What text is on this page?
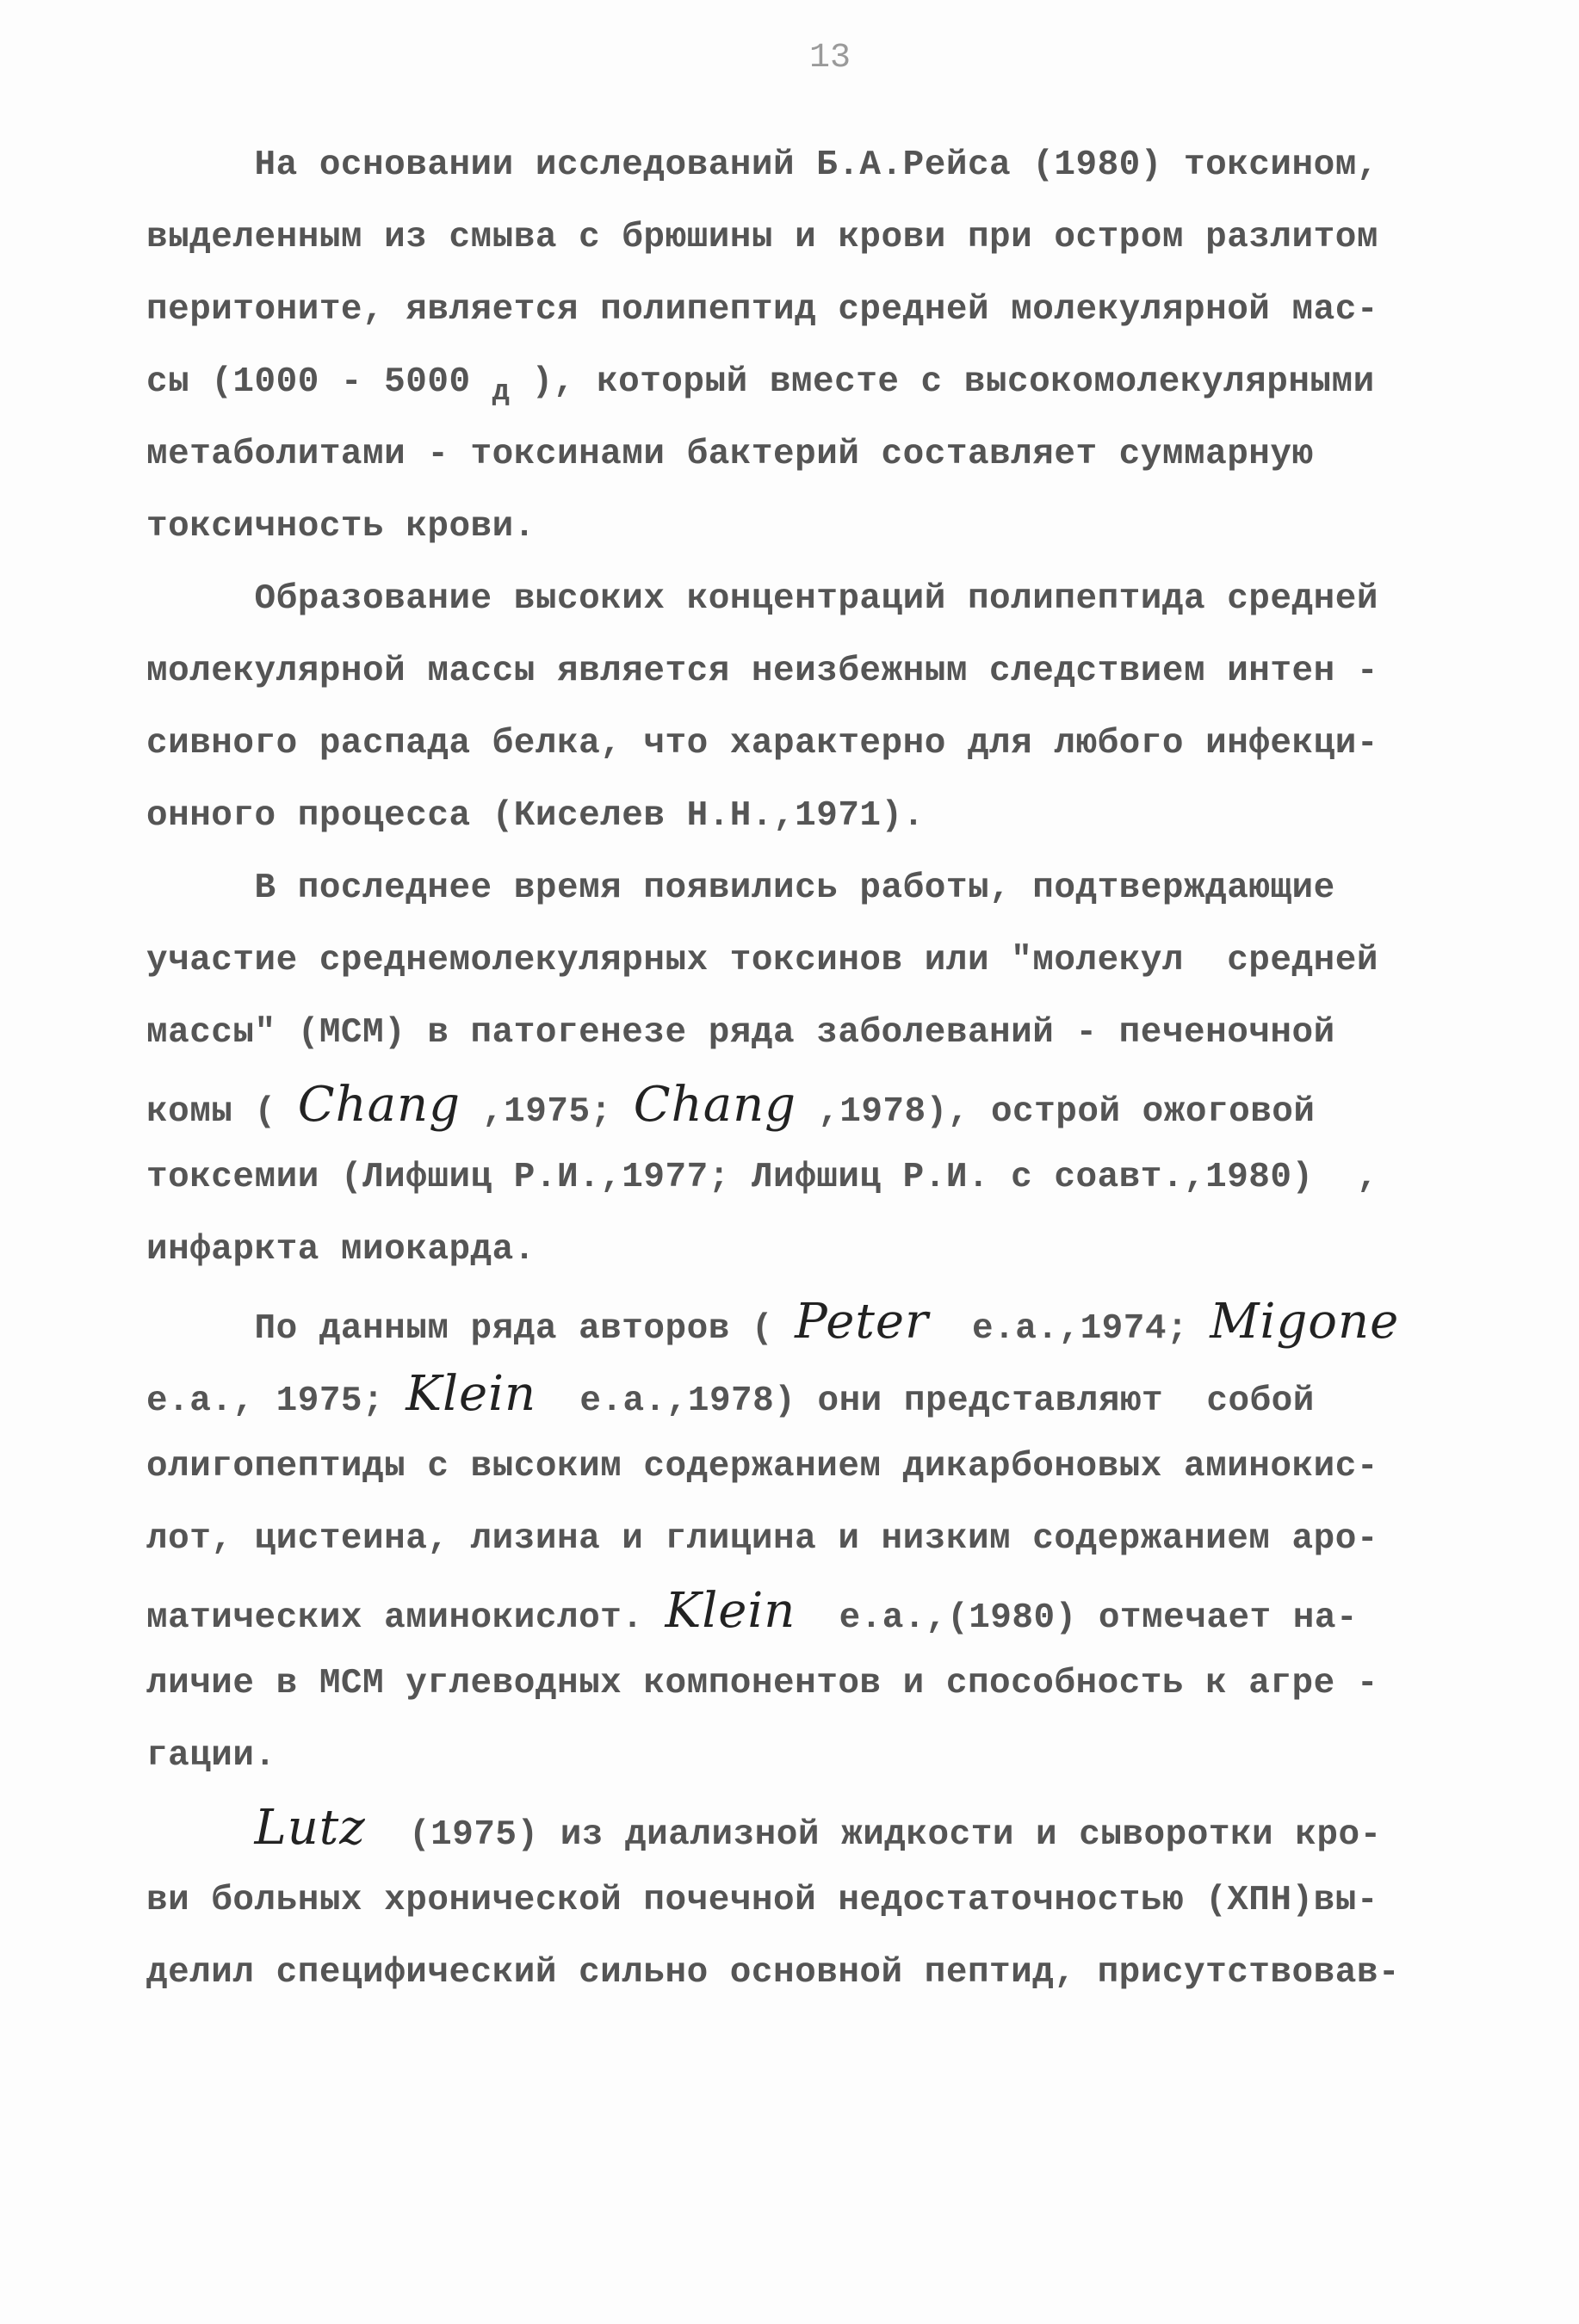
13
На основании исследований Б.А.Рейса (1980) токсином,
выделенным из смыва с брюшины и крови при остром разлитом
перитоните, является полипептид средней молекулярной мас-
сы (1000 - 5000 $_д$ ), который вместе с высокомолекулярными
метаболитами - токсинами бактерий составляет суммарную
токсичность крови.
Образование высоких концентраций полипептида средней
молекулярной массы является неизбежным следствием интен -
сивного распада белка, что характерно для любого инфекци-
онного процесса (Киселев Н.Н.,1971).
В последнее время появились работы, подтверждающие
участие среднемолекулярных токсинов или "молекул  средней
массы" (МСМ) в патогенезе ряда заболеваний - печеночной
комы ( Chang ,1975; Chang ,1978), острой ожоговой
токсемии (Лифшиц Р.И.,1977; Лифшиц Р.И. с соавт.,1980)  ,
инфаркта миокарда.
По данным ряда авторов ( Peter  е.а.,1974; Migone
е.а., 1975; Klein  е.а.,1978) они представляют  собой
олигопептиды с высоким содержанием дикарбоновых аминокис-
лот, цистеина, лизина и глицина и низким содержанием аро-
матических аминокислот. Klein  е.а.,(1980) отмечает на-
личие в МСМ углеводных компонентов и способность к агре -
гации.
Lutz  (1975) из диализной жидкости и сыворотки кро-
ви больных хронической почечной недостаточностью (ХПН)вы-
делил специфический сильно основной пептид, присутствовав-
